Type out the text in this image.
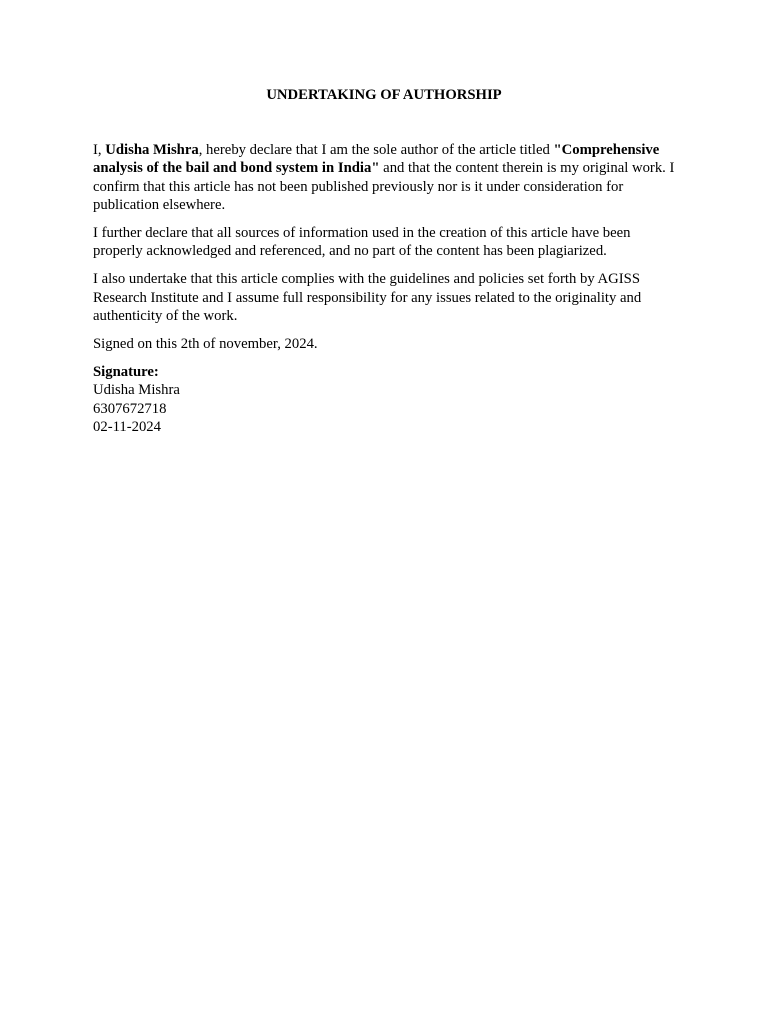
UNDERTAKING OF AUTHORSHIP

I, Udisha Mishra, hereby declare that I am the sole author of the article titled "Comprehensive analysis of the bail and bond system in India" and that the content therein is my original work. I confirm that this article has not been published previously nor is it under consideration for publication elsewhere.

I further declare that all sources of information used in the creation of this article have been properly acknowledged and referenced, and no part of the content has been plagiarized.

I also undertake that this article complies with the guidelines and policies set forth by AGISS Research Institute and I assume full responsibility for any issues related to the originality and authenticity of the work.

Signed on this 2th of november, 2024.

Signature:
Udisha Mishra
6307672718
02-11-2024
